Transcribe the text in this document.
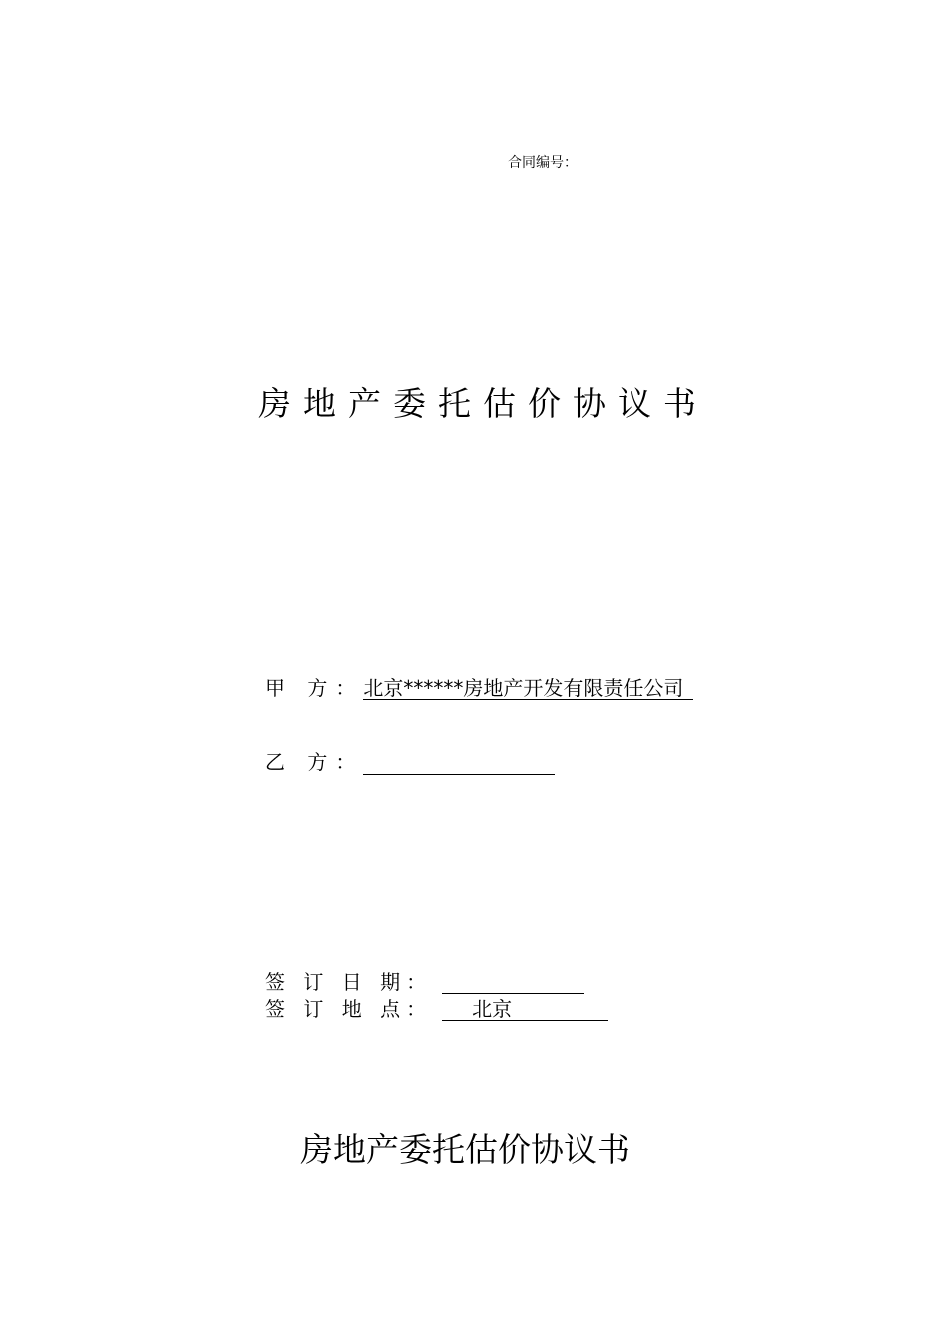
合同编号：
房地产委托估价协议书
甲 方：北京******房地产开发有限责任公司
乙 方：
签 订 日 期：
签 订 地 点： 北京
房地产委托估价协议书
